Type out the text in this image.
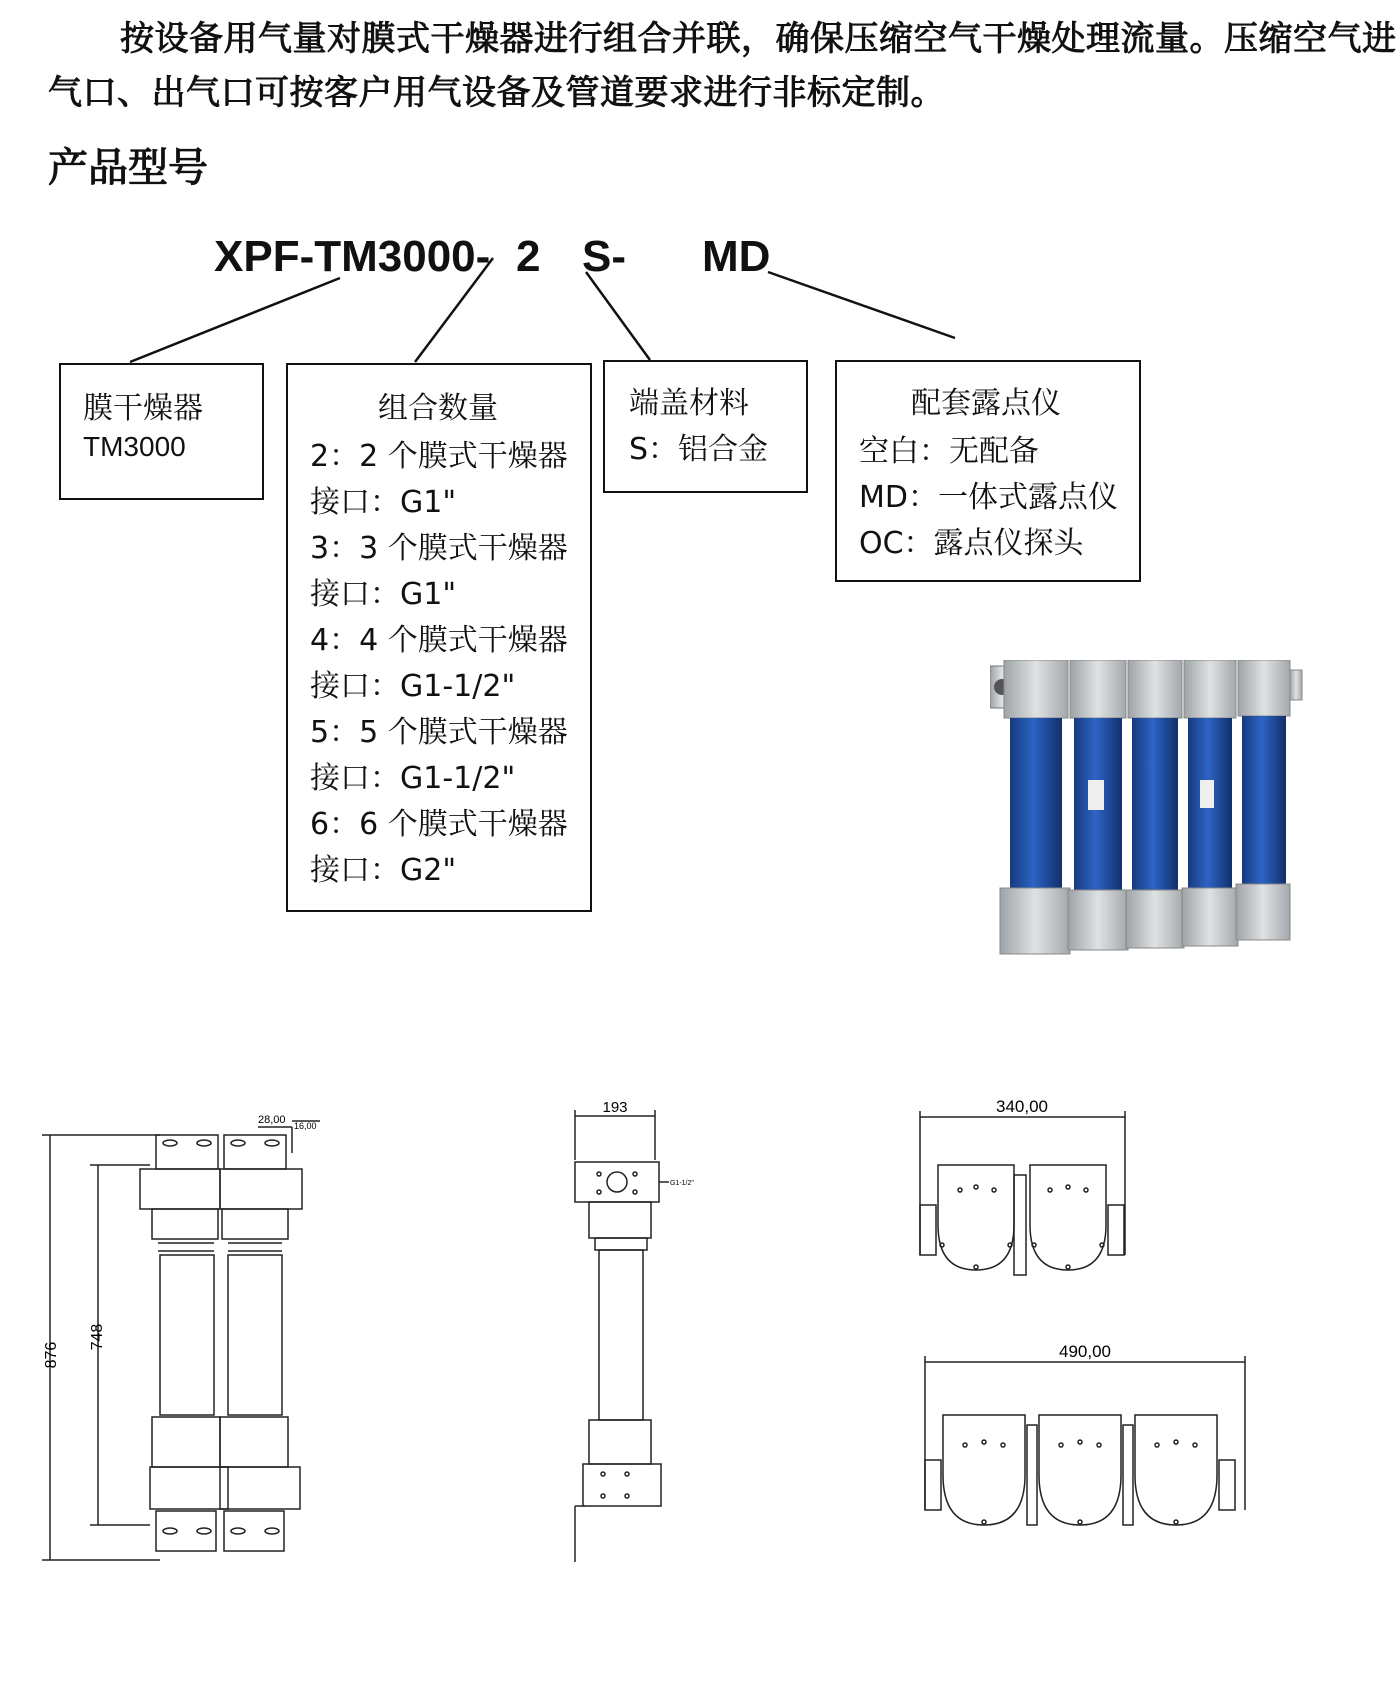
按设备用气量对膜式干燥器进行组合并联，确保压缩空气干燥处理流量。压缩空气进气口、出气口可按客户用气设备及管道要求进行非标定制。

产品型号
XPF-TM3000- 2 S- MD
膜干燥器
TM3000
组合数量
2：2 个膜式干燥器
接口：G1"
3：3 个膜式干燥器
接口：G1"
4：4 个膜式干燥器
接口：G1-1/2"
5：5 个膜式干燥器
接口：G1-1/2"
6：6 个膜式干燥器
接口：G2"
端盖材料
S：铝合金
配套露点仪
空白：无配备
MD：一体式露点仪
OC：露点仪探头
876
748
28,00 16,00
193
G1-1/2"
340,00
490,00
